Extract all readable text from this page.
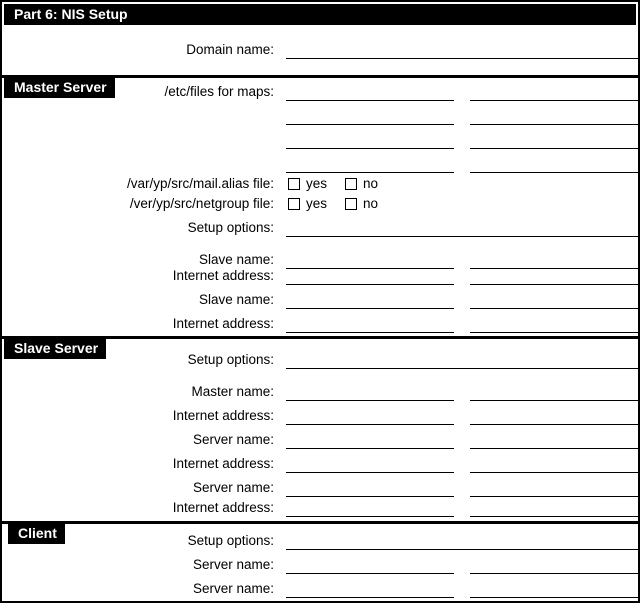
Part 6: NIS Setup
Domain name:
Master Server	/etc/files for maps:
/var/yp/src/mail.alias file: yes	no
/ver/yp/src/netgroup file: yes	no
Setup options:
Slave name:
Internet address:
Slave name:
Internet address:
Slave Server
Setup options:
Master name:
Internet address:
Server name:
Internet address:
Server name:
Internet address:
Client	Setup options:
Server name:
Server name:
